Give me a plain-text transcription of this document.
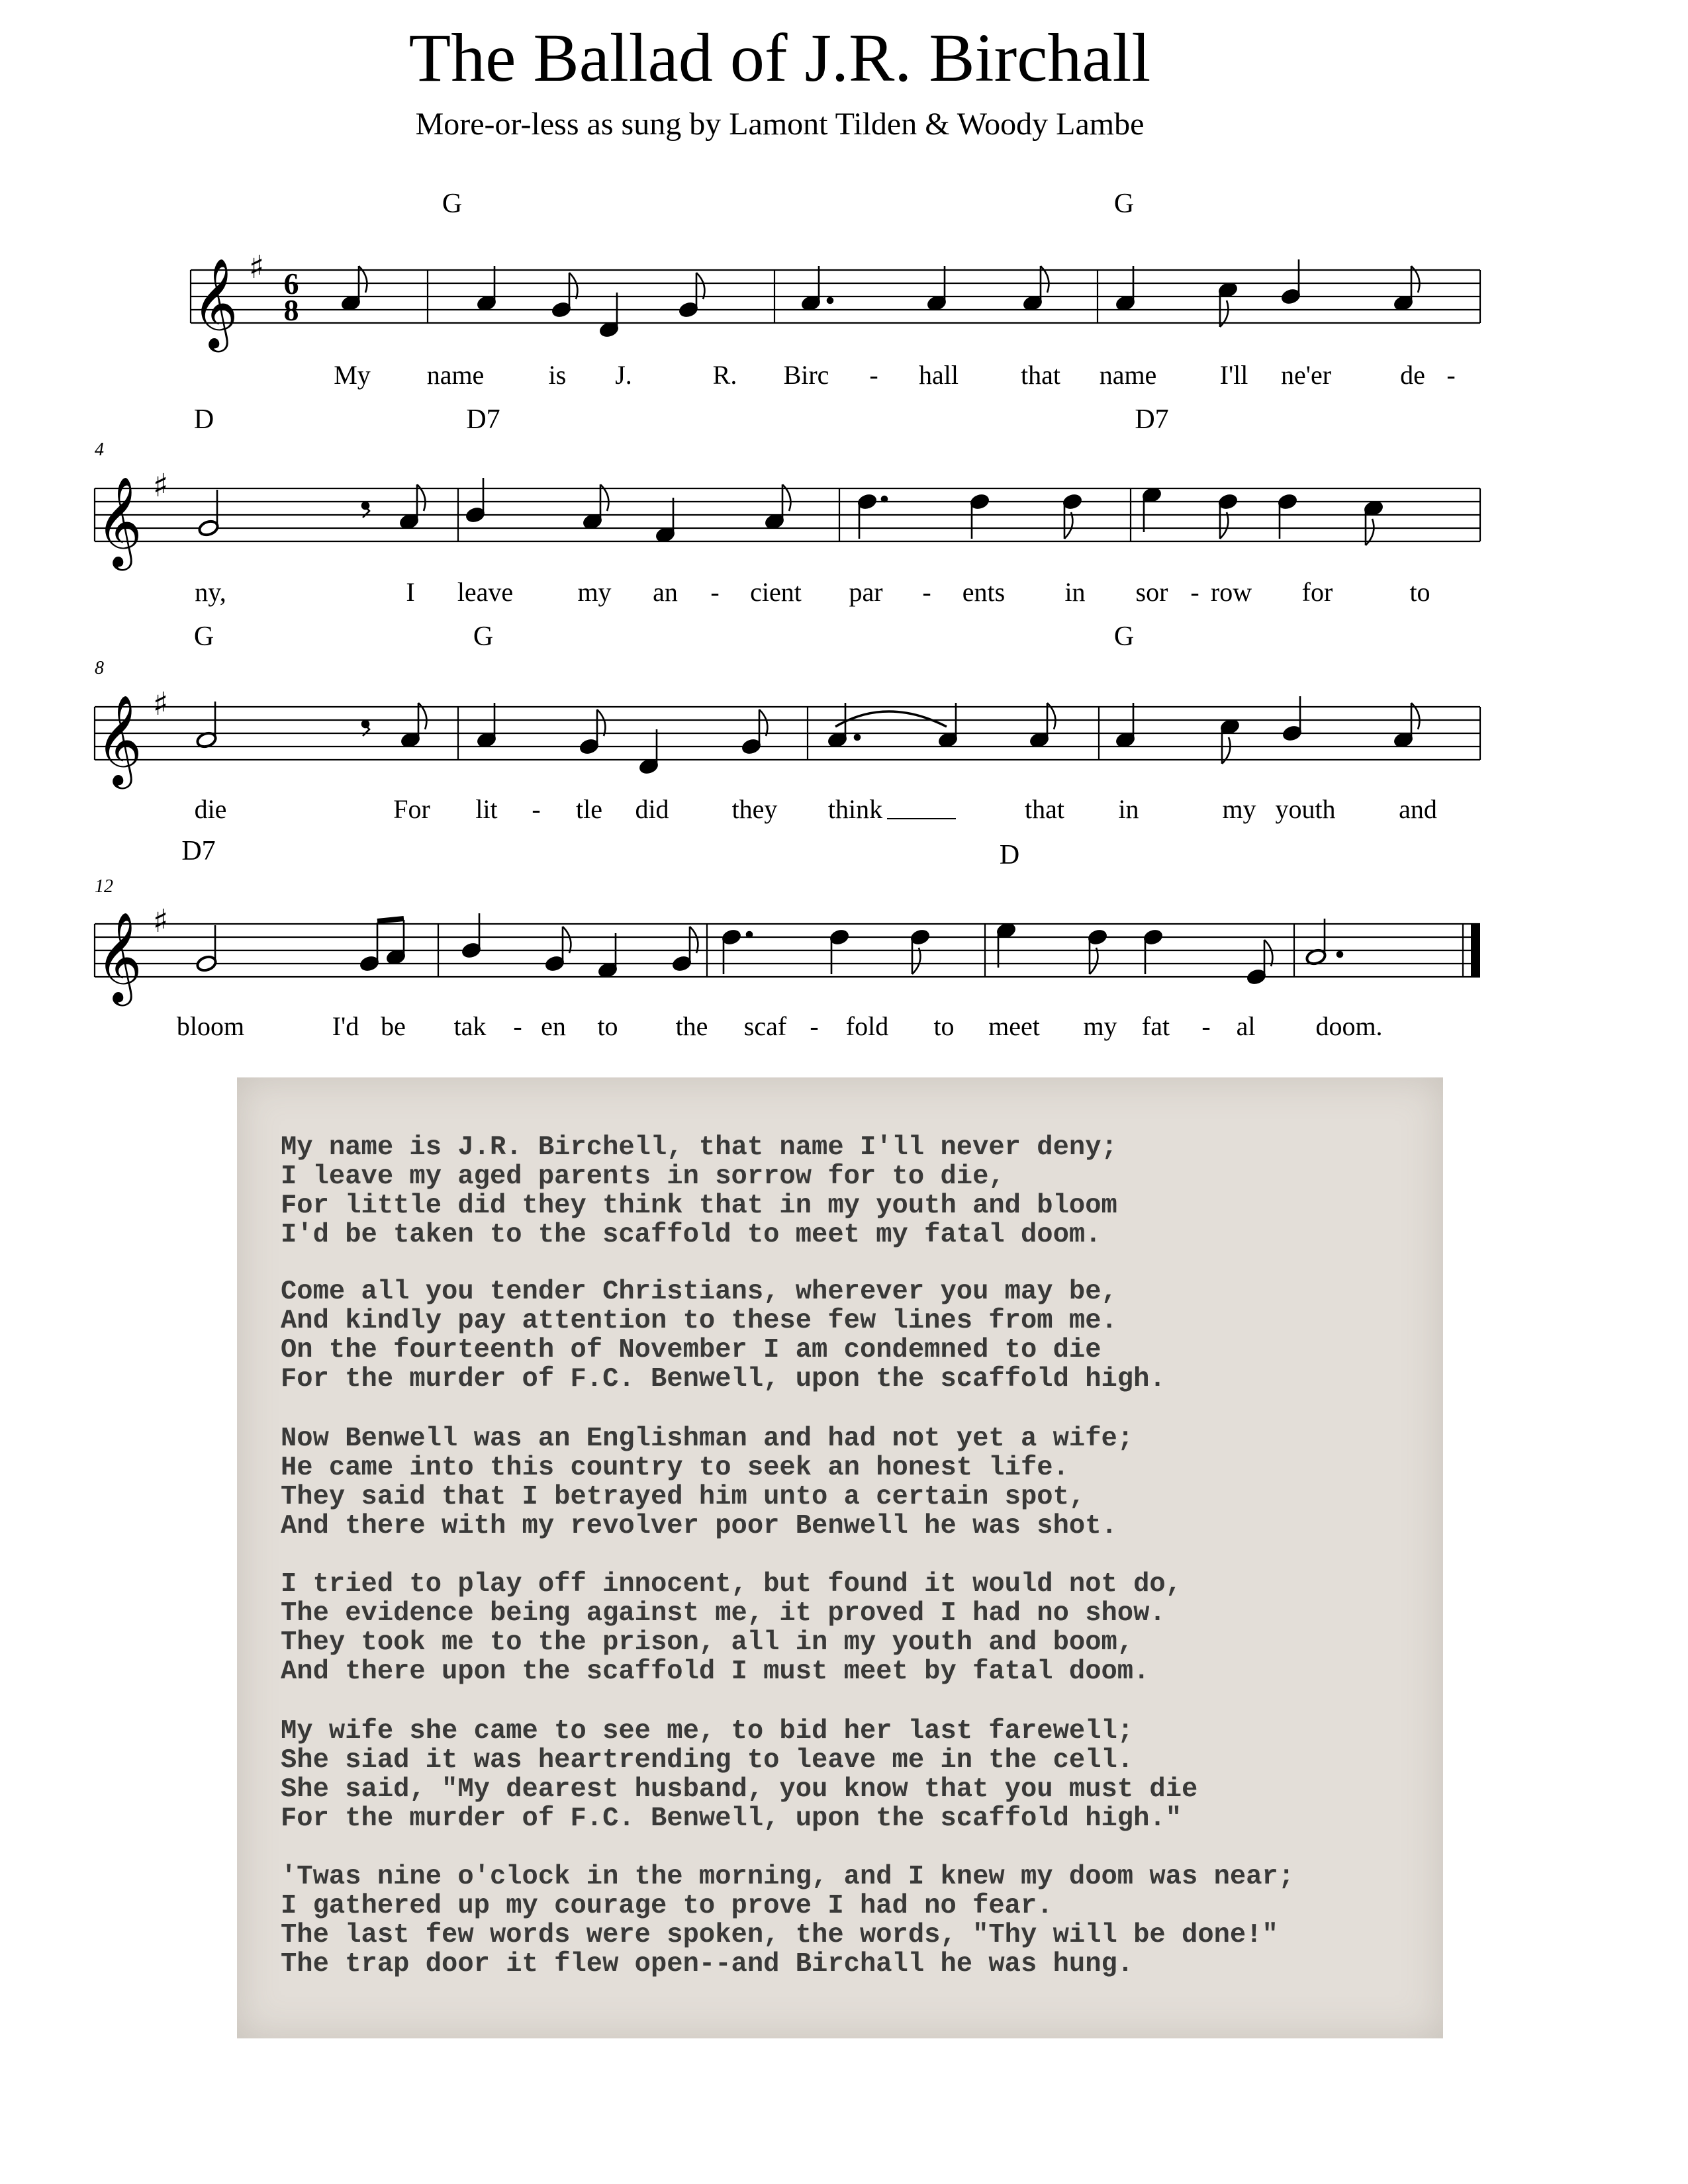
The Ballad of J.R. Birchall
More-or-less as sung by Lamont Tilden & Woody Lambe
G	G
𝄞 ♯ 6
8
My name is J.	R. Birc - hall that name I'll ne'er	de -
4
D	D7	D7
𝄞 ♯
ny,	I leave my an - cient par - ents in sor - row for	to
8
G	G	G
𝄞 ♯
die	For lit - tle did they think	that in	my youth and
12
D7	D
𝄞 ♯
bloom	I'd be tak - en to the scaf - fold to meet my fat - al doom.
My name is J.R. Birchell, that name I'll never deny;
I leave my aged parents in sorrow for to die,
For little did they think that in my youth and bloom
I'd be taken to the scaffold to meet my fatal doom.
Come all you tender Christians, wherever you may be,
And kindly pay attention to these few lines from me.
On the fourteenth of November I am condemned to die
For the murder of F.C. Benwell, upon the scaffold high.
Now Benwell was an Englishman and had not yet a wife;
He came into this country to seek an honest life.
They said that I betrayed him unto a certain spot,
And there with my revolver poor Benwell he was shot.
I tried to play off innocent, but found it would not do,
The evidence being against me, it proved I had no show.
They took me to the prison, all in my youth and boom,
And there upon the scaffold I must meet by fatal doom.
My wife she came to see me, to bid her last farewell;
She siad it was heartrending to leave me in the cell.
She said, "My dearest husband, you know that you must die
For the murder of F.C. Benwell, upon the scaffold high."
'Twas nine o'clock in the morning, and I knew my doom was near;
I gathered up my courage to prove I had no fear.
The last few words were spoken, the words, "Thy will be done!"
The trap door it flew open--and Birchall he was hung.
